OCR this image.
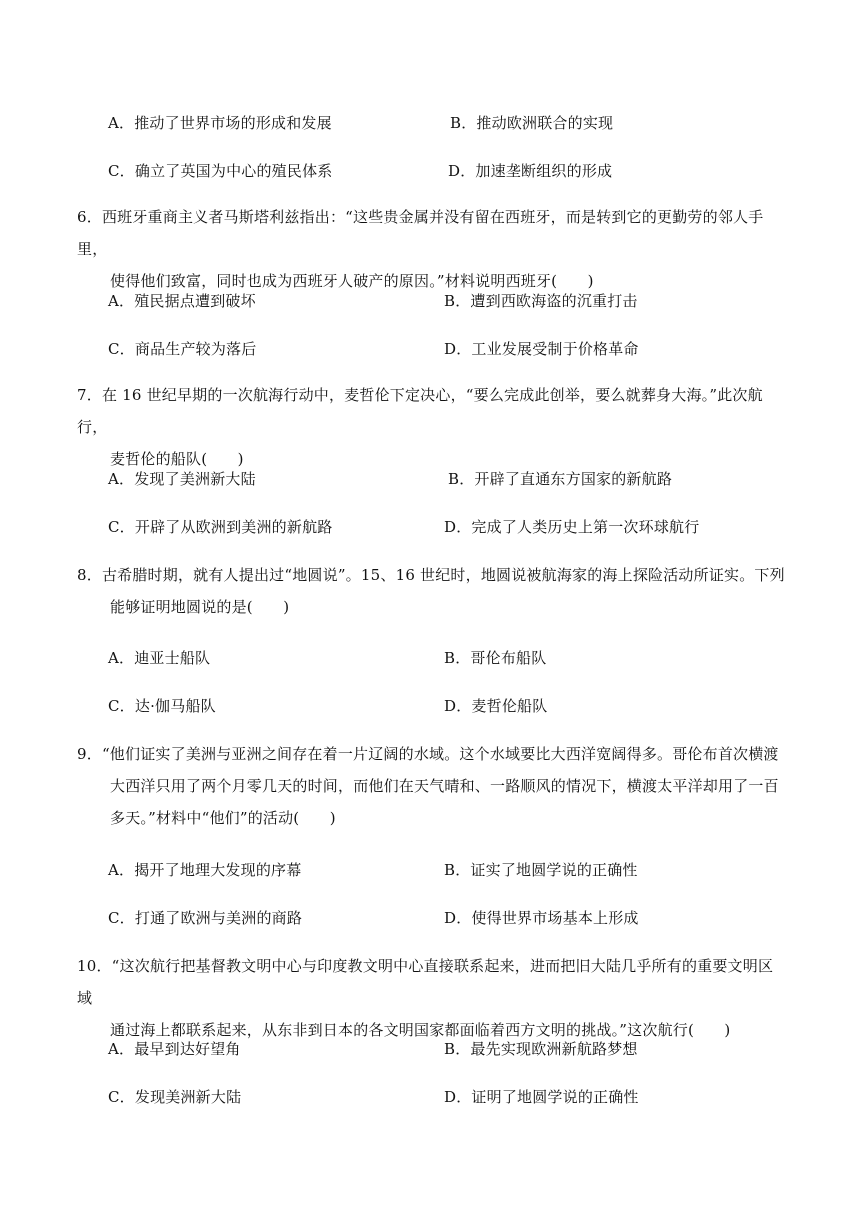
A．推动了世界市场的形成和发展	B．推动欧洲联合的实现
C．确立了英国为中心的殖民体系	D．加速垄断组织的形成
6．西班牙重商主义者马斯塔利兹指出：“这些贵金属并没有留在西班牙，而是转到它的更勤劳的邻人手里，
使得他们致富，同时也成为西班牙人破产的原因。”材料说明西班牙(　　)
A．殖民据点遭到破坏	B．遭到西欧海盗的沉重打击
C．商品生产较为落后	D．工业发展受制于价格革命
7．在 16 世纪早期的一次航海行动中，麦哲伦下定决心，“要么完成此创举，要么就葬身大海。”此次航行，
麦哲伦的船队(　　)
A．发现了美洲新大陆	B．开辟了直通东方国家的新航路
C．开辟了从欧洲到美洲的新航路	D．完成了人类历史上第一次环球航行
8．古希腊时期，就有人提出过“地圆说”。15、16 世纪时，地圆说被航海家的海上探险活动所证实。下列
能够证明地圆说的是(　　)
A．迪亚士船队	B．哥伦布船队
C．达·伽马船队	D．麦哲伦船队
9．“他们证实了美洲与亚洲之间存在着一片辽阔的水域。这个水域要比大西洋宽阔得多。哥伦布首次横渡
大西洋只用了两个月零几天的时间，而他们在天气晴和、一路顺风的情况下，横渡太平洋却用了一百
多天。”材料中“他们”的活动(　　)
A．揭开了地理大发现的序幕	B．证实了地圆学说的正确性
C．打通了欧洲与美洲的商路	D．使得世界市场基本上形成
10．“这次航行把基督教文明中心与印度教文明中心直接联系起来，进而把旧大陆几乎所有的重要文明区域
通过海上都联系起来，从东非到日本的各文明国家都面临着西方文明的挑战。”这次航行(　　)
A．最早到达好望角	B．最先实现欧洲新航路梦想
C．发现美洲新大陆	D．证明了地圆学说的正确性
